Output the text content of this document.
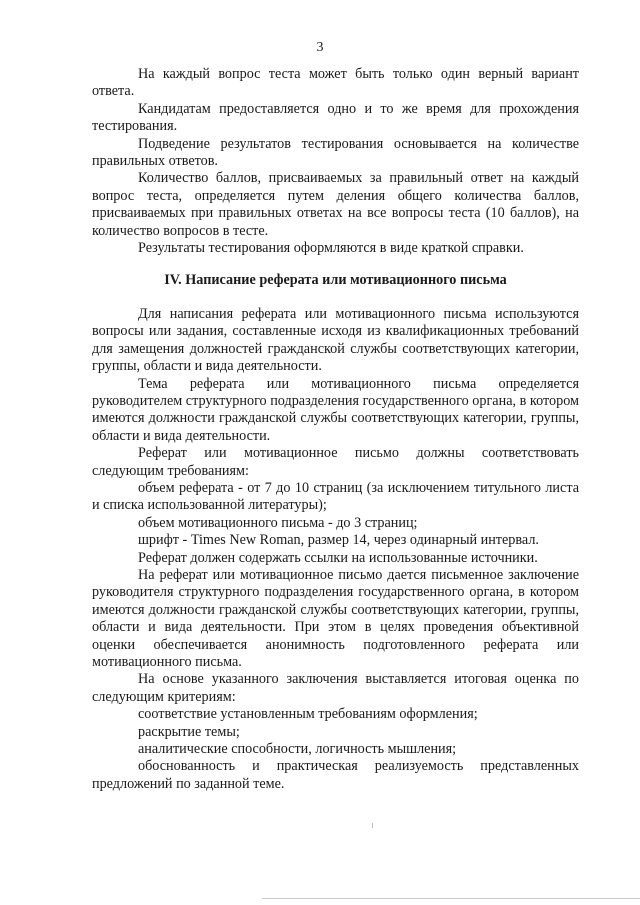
3

На каждый вопрос теста может быть только один верный вариант ответа.

Кандидатам предоставляется одно и то же время для прохождения тестирования.

Подведение результатов тестирования основывается на количестве правильных ответов.

Количество баллов, присваиваемых за правильный ответ на каждый вопрос теста, определяется путем деления общего количества баллов, присваиваемых при правильных ответах на все вопросы теста (10 баллов), на количество вопросов в тесте.

Результаты тестирования оформляются в виде краткой справки.

IV. Написание реферата или мотивационного письма

Для написания реферата или мотивационного письма используются вопросы или задания, составленные исходя из квалификационных требований для замещения должностей гражданской службы соответствующих категории, группы, области и вида деятельности.

Тема реферата или мотивационного письма определяется руководителем структурного подразделения государственного органа, в котором имеются должности гражданской службы соответствующих категории, группы, области и вида деятельности.

Реферат или мотивационное письмо должны соответствовать следующим требованиям:

объем реферата - от 7 до 10 страниц (за исключением титульного листа и списка использованной литературы);

объем мотивационного письма - до 3 страниц;

шрифт - Times New Roman, размер 14, через одинарный интервал.

Реферат должен содержать ссылки на использованные источники.

На реферат или мотивационное письмо дается письменное заключение руководителя структурного подразделения государственного органа, в котором имеются должности гражданской службы соответствующих категории, группы, области и вида деятельности. При этом в целях проведения объективной оценки обеспечивается анонимность подготовленного реферата или мотивационного письма.

На основе указанного заключения выставляется итоговая оценка по следующим критериям:

соответствие установленным требованиям оформления;

раскрытие темы;

аналитические способности, логичность мышления;

обоснованность и практическая реализуемость представленных предложений по заданной теме.
